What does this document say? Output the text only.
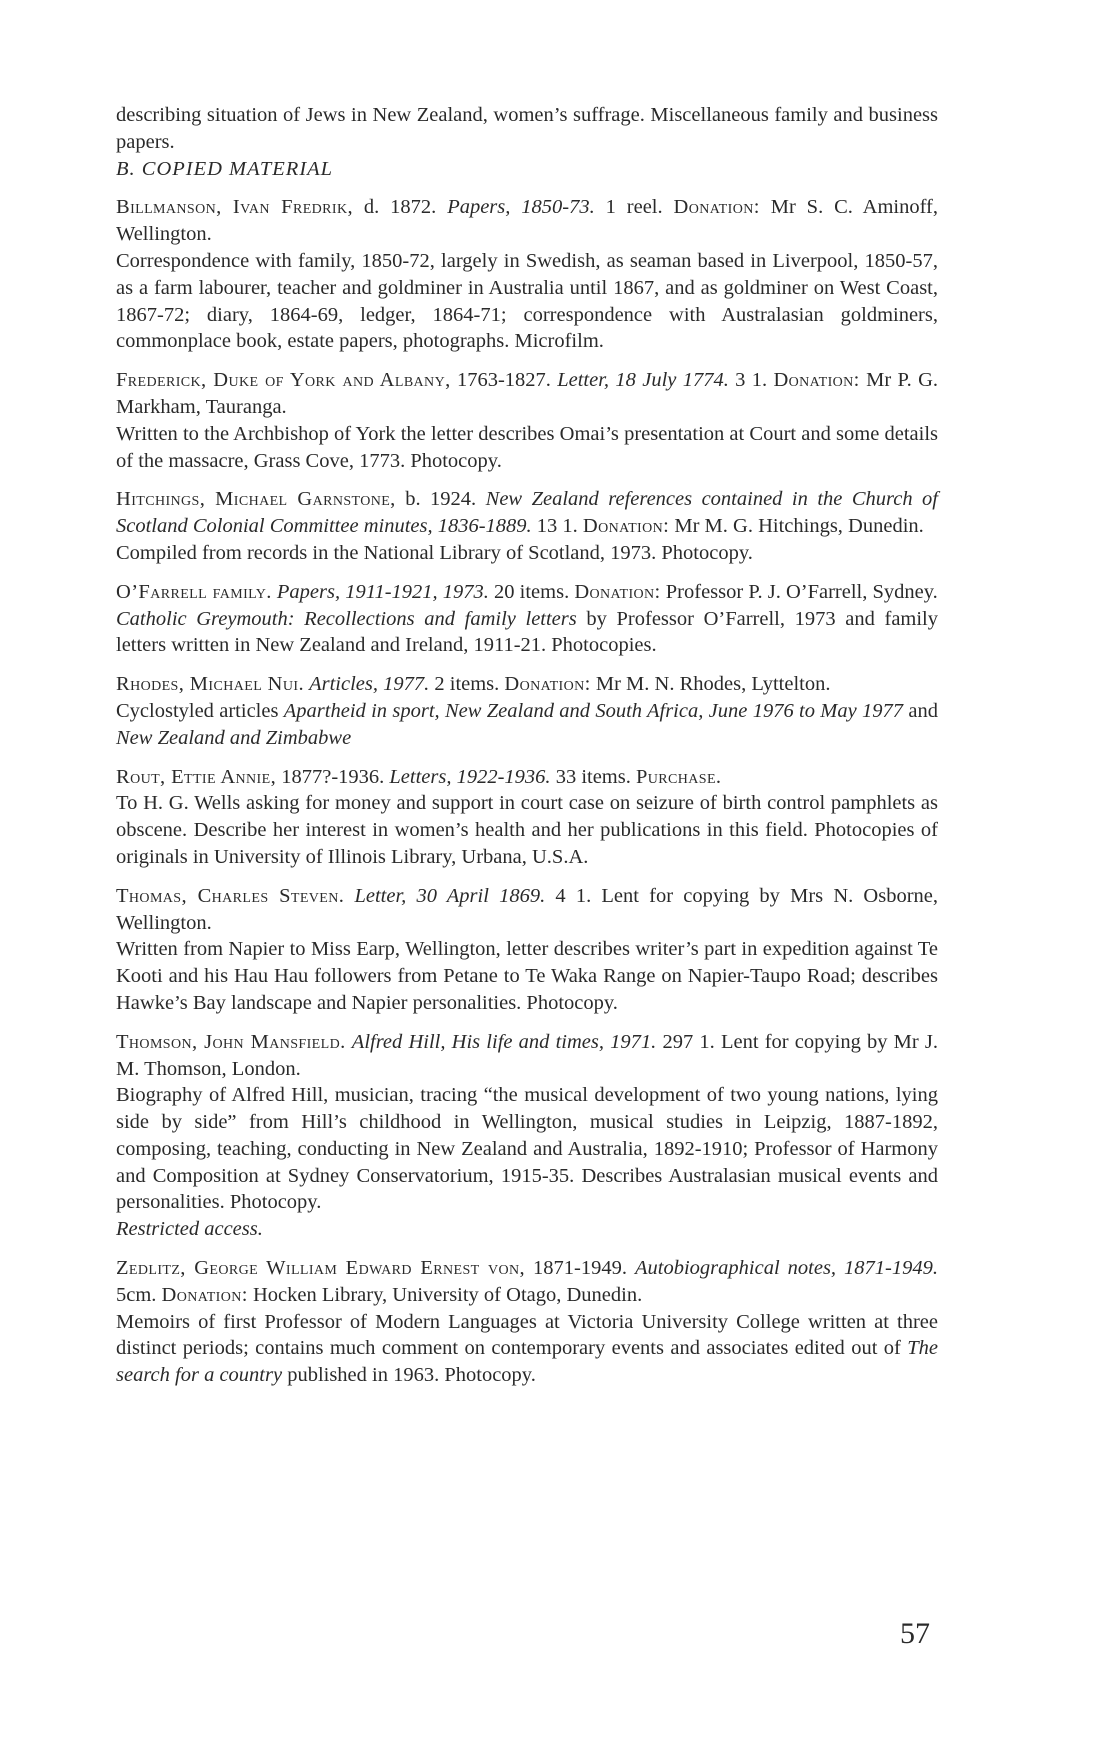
describing situation of Jews in New Zealand, women’s suffrage. Miscellaneous family and business papers.

B. COPIED MATERIAL

Billmanson, Ivan Fredrik, d. 1872. Papers, 1850-73. 1 reel. Donation: Mr S. C. Aminoff, Wellington.

Correspondence with family, 1850-72, largely in Swedish, as seaman based in Liverpool, 1850-57, as a farm labourer, teacher and goldminer in Australia until 1867, and as goldminer on West Coast, 1867-72; diary, 1864-69, ledger, 1864-71; correspondence with Australasian goldminers, commonplace book, estate papers, photographs. Microfilm.

Frederick, Duke of York and Albany, 1763-1827. Letter, 18 July 1774. 3 1. Donation: Mr P. G. Markham, Tauranga.

Written to the Archbishop of York the letter describes Omai’s presentation at Court and some details of the massacre, Grass Cove, 1773. Photocopy.

Hitchings, Michael Garnstone, b. 1924. New Zealand references contained in the Church of Scotland Colonial Committee minutes, 1836-1889. 13 1. Donation: Mr M. G. Hitchings, Dunedin.

Compiled from records in the National Library of Scotland, 1973. Photocopy.

O’Farrell family. Papers, 1911-1921, 1973. 20 items. Donation: Professor P. J. O’Farrell, Sydney.

Catholic Greymouth: Recollections and family letters by Professor O’Farrell, 1973 and family letters written in New Zealand and Ireland, 1911-21. Photocopies.

Rhodes, Michael Nui. Articles, 1977. 2 items. Donation: Mr M. N. Rhodes, Lyttelton.

Cyclostyled articles Apartheid in sport, New Zealand and South Africa, June 1976 to May 1977 and New Zealand and Zimbabwe

Rout, Ettie Annie, 1877?-1936. Letters, 1922-1936. 33 items. Purchase.

To H. G. Wells asking for money and support in court case on seizure of birth control pamphlets as obscene. Describe her interest in women’s health and her publications in this field. Photocopies of originals in University of Illinois Library, Urbana, U.S.A.

Thomas, Charles Steven. Letter, 30 April 1869. 4 1. Lent for copying by Mrs N. Osborne, Wellington.

Written from Napier to Miss Earp, Wellington, letter describes writer’s part in expedition against Te Kooti and his Hau Hau followers from Petane to Te Waka Range on Napier-Taupo Road; describes Hawke’s Bay landscape and Napier personalities. Photocopy.

Thomson, John Mansfield. Alfred Hill, His life and times, 1971. 297 1. Lent for copying by Mr J. M. Thomson, London.

Biography of Alfred Hill, musician, tracing “the musical development of two young nations, lying side by side” from Hill’s childhood in Wellington, musical studies in Leipzig, 1887-1892, composing, teaching, conducting in New Zealand and Australia, 1892-1910; Professor of Harmony and Composition at Sydney Conservatorium, 1915-35. Describes Australasian musical events and personalities. Photocopy.

Restricted access.

Zedlitz, George William Edward Ernest von, 1871-1949. Autobiographical notes, 1871-1949. 5cm. Donation: Hocken Library, University of Otago, Dunedin.

Memoirs of first Professor of Modern Languages at Victoria University College written at three distinct periods; contains much comment on contemporary events and associates edited out of The search for a country published in 1963. Photocopy.

57
